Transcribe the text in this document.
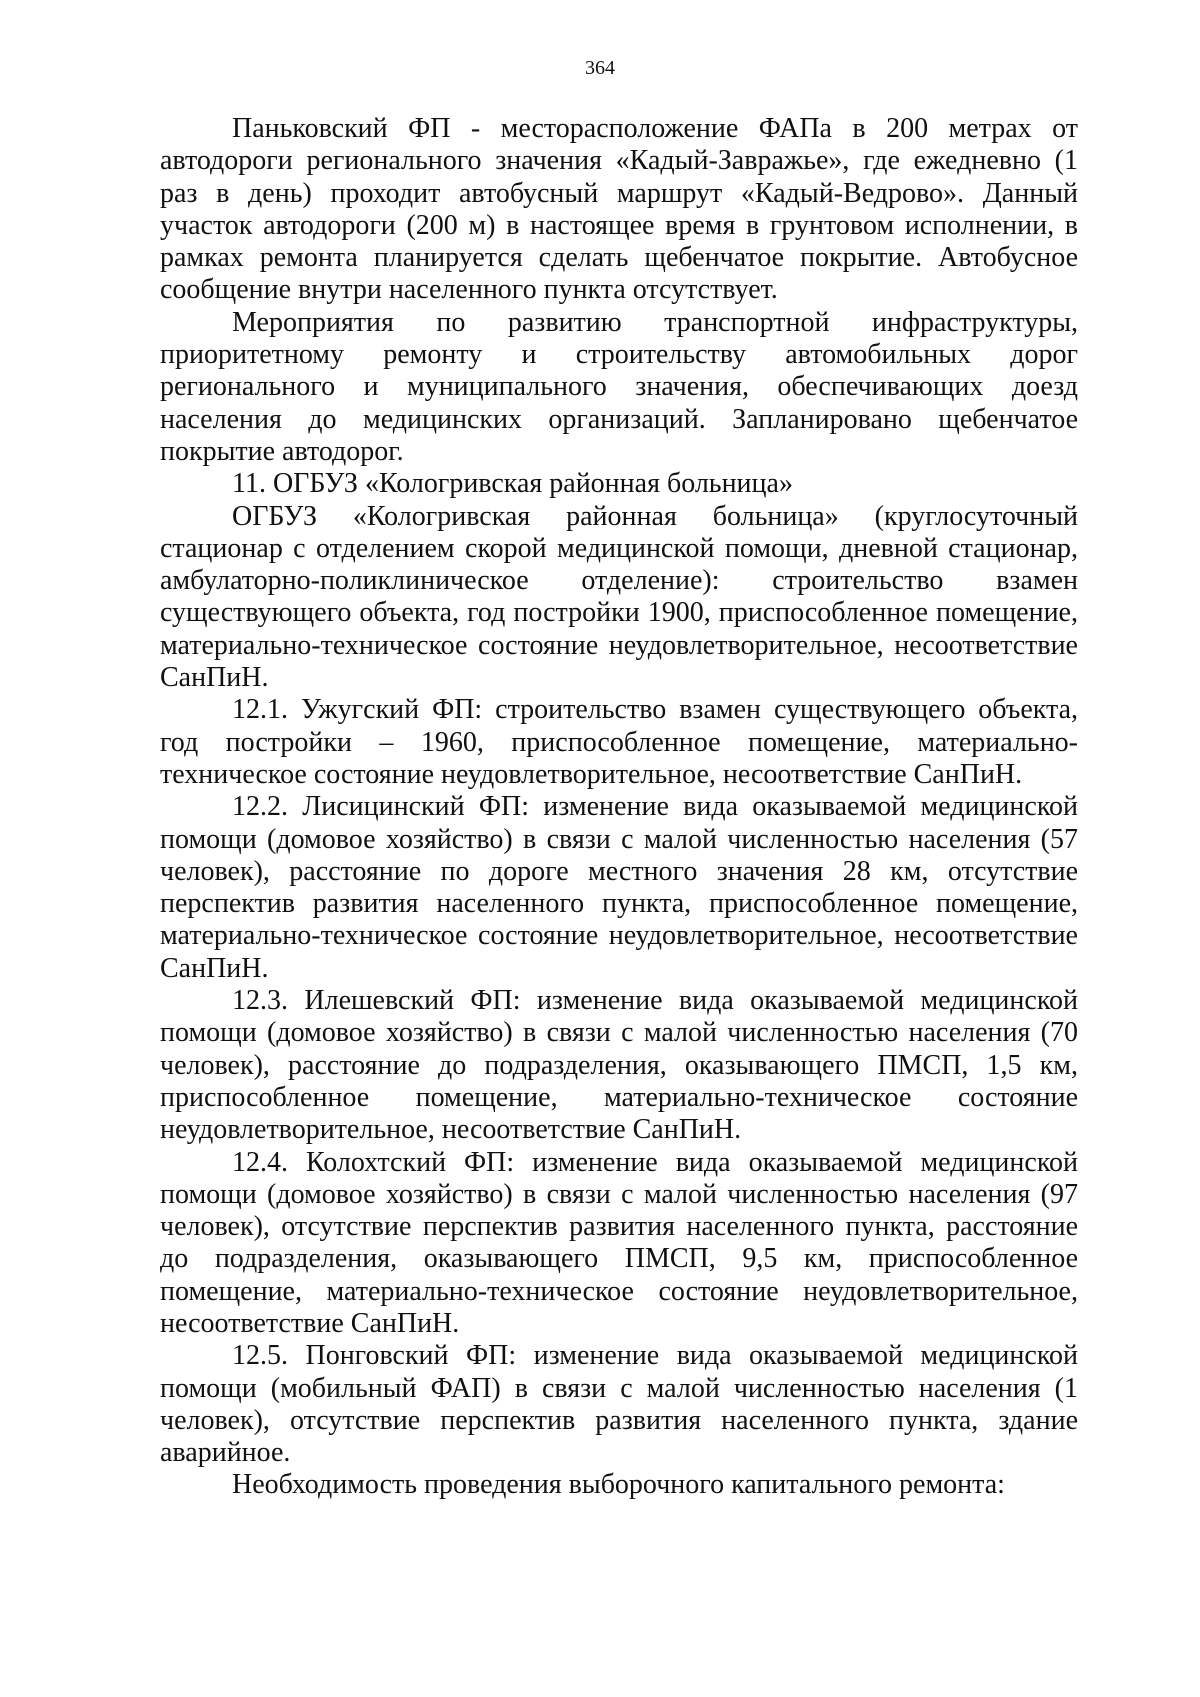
364

Паньковский ФП - месторасположение ФАПа в 200 метрах от автодороги регионального значения «Кадый-Завражье», где ежедневно (1 раз в день) проходит автобусный маршрут «Кадый-Ведрово». Данный участок автодороги (200 м) в настоящее время в грунтовом исполнении, в рамках ремонта планируется сделать щебенчатое покрытие. Автобусное сообщение внутри населенного пункта отсутствует.

Мероприятия по развитию транспортной инфраструктуры, приоритетному ремонту и строительству автомобильных дорог регионального и муниципального значения, обеспечивающих доезд населения до медицинских организаций. Запланировано щебенчатое покрытие автодорог.

11. ОГБУЗ «Кологривская районная больница»

ОГБУЗ «Кологривская районная больница» (круглосуточный стационар с отделением скорой медицинской помощи, дневной стационар, амбулаторно-поликлиническое отделение): строительство взамен существующего объекта, год постройки 1900, приспособленное помещение, материально-техническое состояние неудовлетворительное, несоответствие СанПиН.

12.1. Ужугский ФП: строительство взамен существующего объекта, год постройки – 1960, приспособленное помещение, материально-техническое состояние неудовлетворительное, несоответствие СанПиН.

12.2. Лисицинский ФП: изменение вида оказываемой медицинской помощи (домовое хозяйство) в связи с малой численностью населения (57 человек), расстояние по дороге местного значения 28 км, отсутствие перспектив развития населенного пункта, приспособленное помещение, материально-техническое состояние неудовлетворительное, несоответствие СанПиН.

12.3. Илешевский ФП: изменение вида оказываемой медицинской помощи (домовое хозяйство) в связи с малой численностью населения (70 человек), расстояние до подразделения, оказывающего ПМСП, 1,5 км, приспособленное помещение, материально-техническое состояние неудовлетворительное, несоответствие СанПиН.

12.4. Колохтский ФП: изменение вида оказываемой медицинской помощи (домовое хозяйство) в связи с малой численностью населения (97 человек), отсутствие перспектив развития населенного пункта, расстояние до подразделения, оказывающего ПМСП, 9,5 км, приспособленное помещение, материально-техническое состояние неудовлетворительное, несоответствие СанПиН.

12.5. Понговский ФП: изменение вида оказываемой медицинской помощи (мобильный ФАП) в связи с малой численностью населения (1 человек), отсутствие перспектив развития населенного пункта, здание аварийное.

Необходимость проведения выборочного капитального ремонта:
